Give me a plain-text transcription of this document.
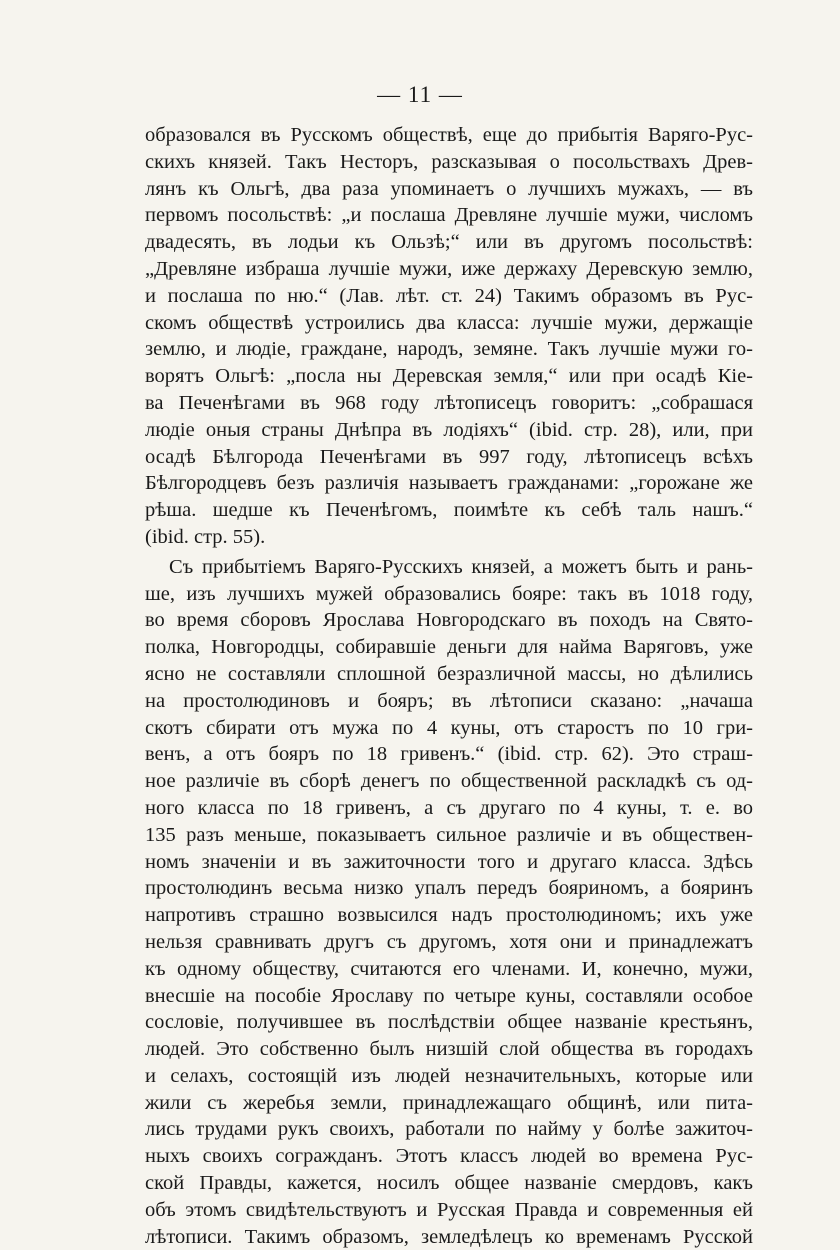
— 11 —
образовался въ Русскомъ обществѣ, еще до прибытія Варяго-Рус-
скихъ князей. Такъ Несторъ, разсказывая о посольствахъ Древ-
лянъ къ Ольгѣ, два раза упоминаетъ о лучшихъ мужахъ, — въ
первомъ посольствѣ: „и послаша Древляне лучшіе мужи, числомъ
двадесять, въ лодьи къ Ользѣ;“ или въ другомъ посольствѣ:
„Древляне избраша лучшіе мужи, иже держаху Деревскую землю,
и послаша по ню.“ (Лав. лѣт. ст. 24) Такимъ образомъ въ Рус-
скомъ обществѣ устроились два класса: лучшіе мужи, держащіе
землю, и людіе, граждане, народъ, земяне. Такъ лучшіе мужи го-
ворятъ Ольгѣ: „посла ны Деревская земля,“ или при осадѣ Кіе-
ва Печенѣгами въ 968 году лѣтописецъ говоритъ: „собрашася
людіе оныя страны Днѣпра въ лодіяхъ“ (ibid. стр. 28), или, при
осадѣ Бѣлгорода Печенѣгами въ 997 году, лѣтописецъ всѣхъ
Бѣлгородцевъ безъ различія называетъ гражданами: „горожане же
рѣша. шедше къ Печенѣгомъ, поимѣте къ себѣ таль нашъ.“
(ibid. стр. 55).
Съ прибытіемъ Варяго-Русскихъ князей, а можетъ быть и рань-
ше, изъ лучшихъ мужей образовались бояре: такъ въ 1018 году,
во время сборовъ Ярослава Новгородскаго въ походъ на Свято-
полка, Новгородцы, собиравшіе деньги для найма Варяговъ, уже
ясно не составляли сплошной безразличной массы, но дѣлились
на простолюдиновъ и бояръ; въ лѣтописи сказано: „начаша
скотъ сбирати отъ мужа по 4 куны, отъ старостъ по 10 гри-
венъ, а отъ бояръ по 18 гривенъ.“ (ibid. стр. 62). Это страш-
ное различіе въ сборѣ денегъ по общественной раскладкѣ съ од-
ного класса по 18 гривенъ, а съ другаго по 4 куны, т. е. во
135 разъ меньше, показываетъ сильное различіе и въ обществен-
номъ значеніи и въ зажиточности того и другаго класса. Здѣсь
простолюдинъ весьма низко упалъ передъ бояриномъ, а бояринъ
напротивъ страшно возвысился надъ простолюдиномъ; ихъ уже
нельзя сравнивать другъ съ другомъ, хотя они и принадлежатъ
къ одному обществу, считаются его членами. И, конечно, мужи,
внесшіе на пособіе Ярославу по четыре куны, составляли особое
сословіе, получившее въ послѣдствіи общее названіе крестьянъ,
людей. Это собственно былъ низшій слой общества въ городахъ
и селахъ, состоящій изъ людей незначительныхъ, которые или
жили съ жеребья земли, принадлежащаго общинѣ, или пита-
лись трудами рукъ своихъ, работали по найму у болѣе зажиточ-
ныхъ своихъ согражданъ. Этотъ классъ людей во времена Рус-
ской Правды, кажется, носилъ общее названіе смердовъ, какъ
объ этомъ свидѣтельствуютъ и Русская Правда и современныя ей
лѣтописи. Такимъ образомъ, земледѣлецъ ко временамъ Русской
